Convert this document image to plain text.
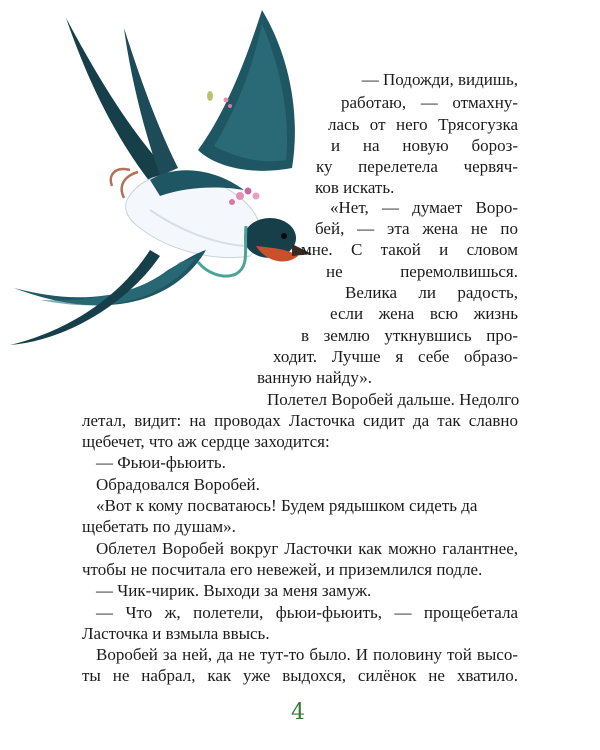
— Подожди, видишь,

работаю, — отмахну-

лась от него Трясогузка

и на новую бороз-

ку перелетела червяч-

ков искать.

«Нет, — думает Воро-

бей, — эта жена не по

мне. С такой и словом

не перемолвишься.

Велика ли радость,

если жена всю жизнь

в землю уткнувшись про-

ходит. Лучше я себе образо-

ванную найду».

Полетел Воробей дальше. Недолго

летал, видит: на проводах Ласточка сидит да так славно

щебечет, что аж сердце заходится:

— Фьюи-фьюить.

Обрадовался Воробей.

«Вот к кому посватаюсь! Будем рядышком сидеть да

щебетать по душам».

Облетел Воробей вокруг Ласточки как можно галантнее,

чтобы не посчитала его невежей, и приземлился подле.

— Чик-чирик. Выходи за меня замуж.

— Что ж, полетели, фьюи-фьюить, — прощебетала

Ласточка и взмыла ввысь.

Воробей за ней, да не тут-то было. И половину той высо-

ты не набрал, как уже выдохся, силёнок не хватило.

4
